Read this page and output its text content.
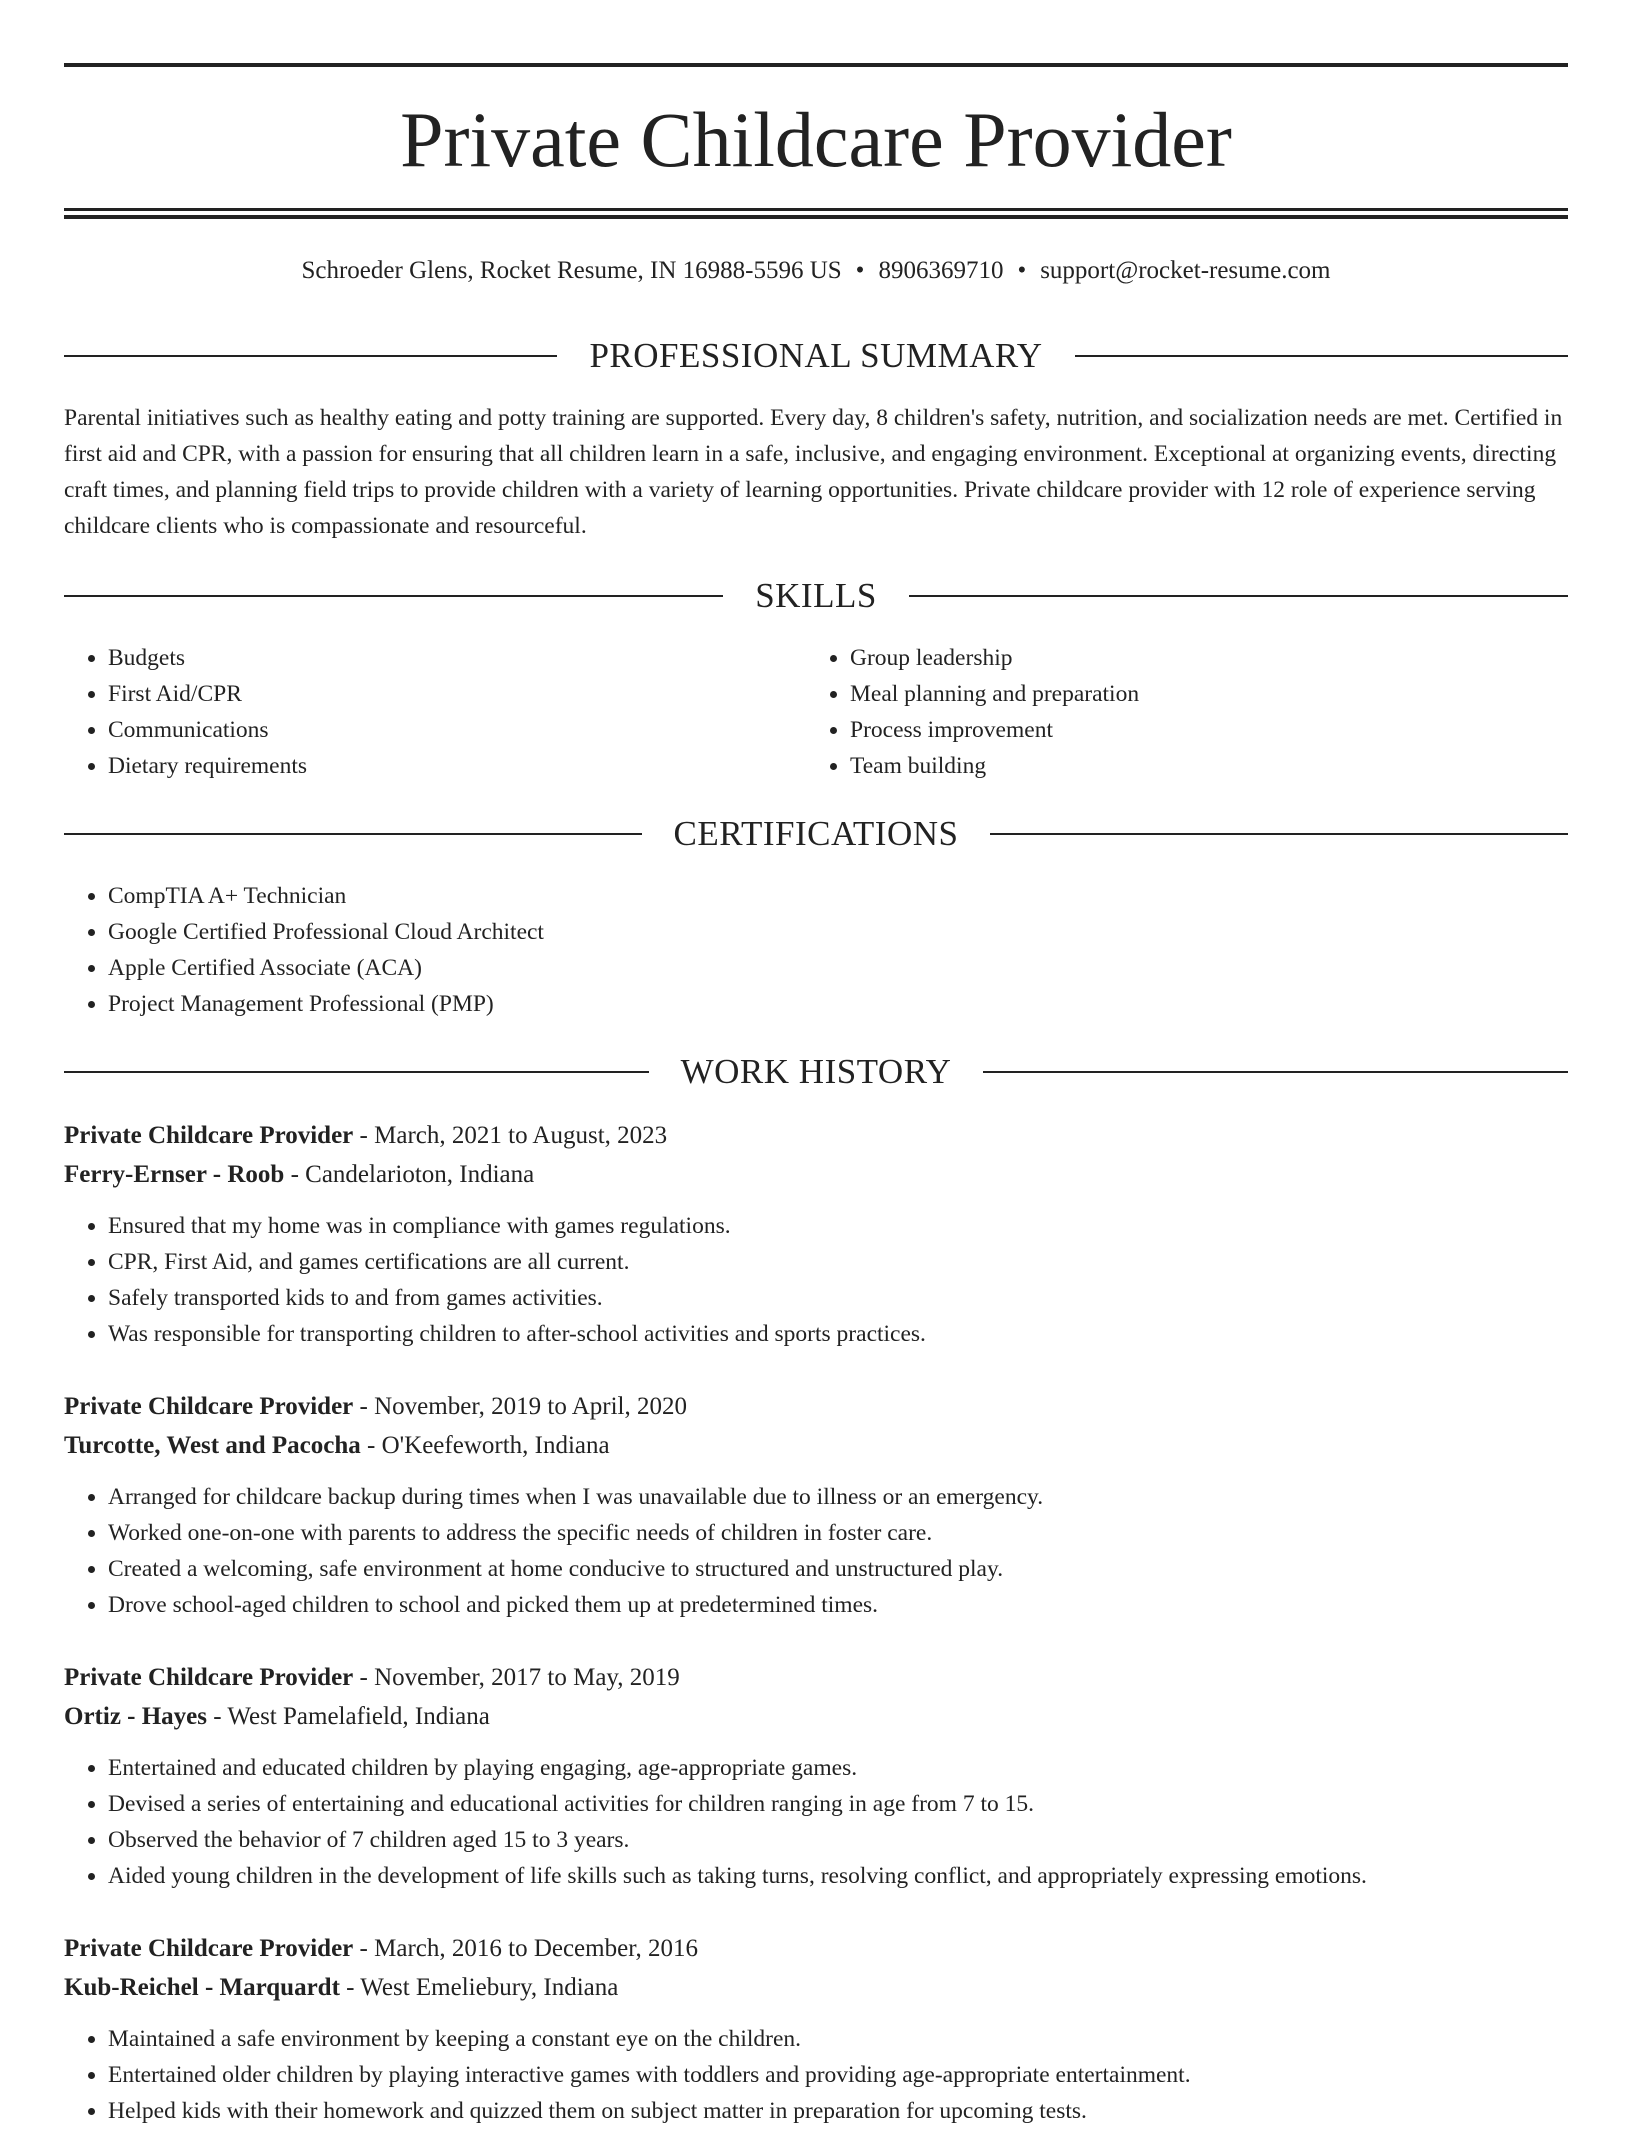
Private Childcare Provider
Schroeder Glens, Rocket Resume, IN 16988-5596 US • 8906369710 • support@rocket-resume.com
PROFESSIONAL SUMMARY

Parental initiatives such as healthy eating and potty training are supported. Every day, 8 children's safety, nutrition, and socialization needs are met. Certified in first aid and CPR, with a passion for ensuring that all children learn in a safe, inclusive, and engaging environment. Exceptional at organizing events, directing craft times, and planning field trips to provide children with a variety of learning opportunities. Private childcare provider with 12 role of experience serving childcare clients who is compassionate and resourceful.

SKILLS
• Budgets
• First Aid/CPR
• Communications
• Dietary requirements
• Group leadership
• Meal planning and preparation
• Process improvement
• Team building
CERTIFICATIONS
• CompTIA A+ Technician
• Google Certified Professional Cloud Architect
• Apple Certified Associate (ACA)
• Project Management Professional (PMP)
WORK HISTORY
Private Childcare Provider - March, 2021 to August, 2023
Ferry-Ernser - Roob - Candelarioton, Indiana
• Ensured that my home was in compliance with games regulations.
• CPR, First Aid, and games certifications are all current.
• Safely transported kids to and from games activities.
• Was responsible for transporting children to after-school activities and sports practices.
Private Childcare Provider - November, 2019 to April, 2020
Turcotte, West and Pacocha - O'Keefeworth, Indiana
• Arranged for childcare backup during times when I was unavailable due to illness or an emergency.
• Worked one-on-one with parents to address the specific needs of children in foster care.
• Created a welcoming, safe environment at home conducive to structured and unstructured play.
• Drove school-aged children to school and picked them up at predetermined times.
Private Childcare Provider - November, 2017 to May, 2019
Ortiz - Hayes - West Pamelafield, Indiana
• Entertained and educated children by playing engaging, age-appropriate games.
• Devised a series of entertaining and educational activities for children ranging in age from 7 to 15.
• Observed the behavior of 7 children aged 15 to 3 years.
• Aided young children in the development of life skills such as taking turns, resolving conflict, and appropriately expressing emotions.
Private Childcare Provider - March, 2016 to December, 2016
Kub-Reichel - Marquardt - West Emeliebury, Indiana
• Maintained a safe environment by keeping a constant eye on the children.
• Entertained older children by playing interactive games with toddlers and providing age-appropriate entertainment.
• Helped kids with their homework and quizzed them on subject matter in preparation for upcoming tests.
